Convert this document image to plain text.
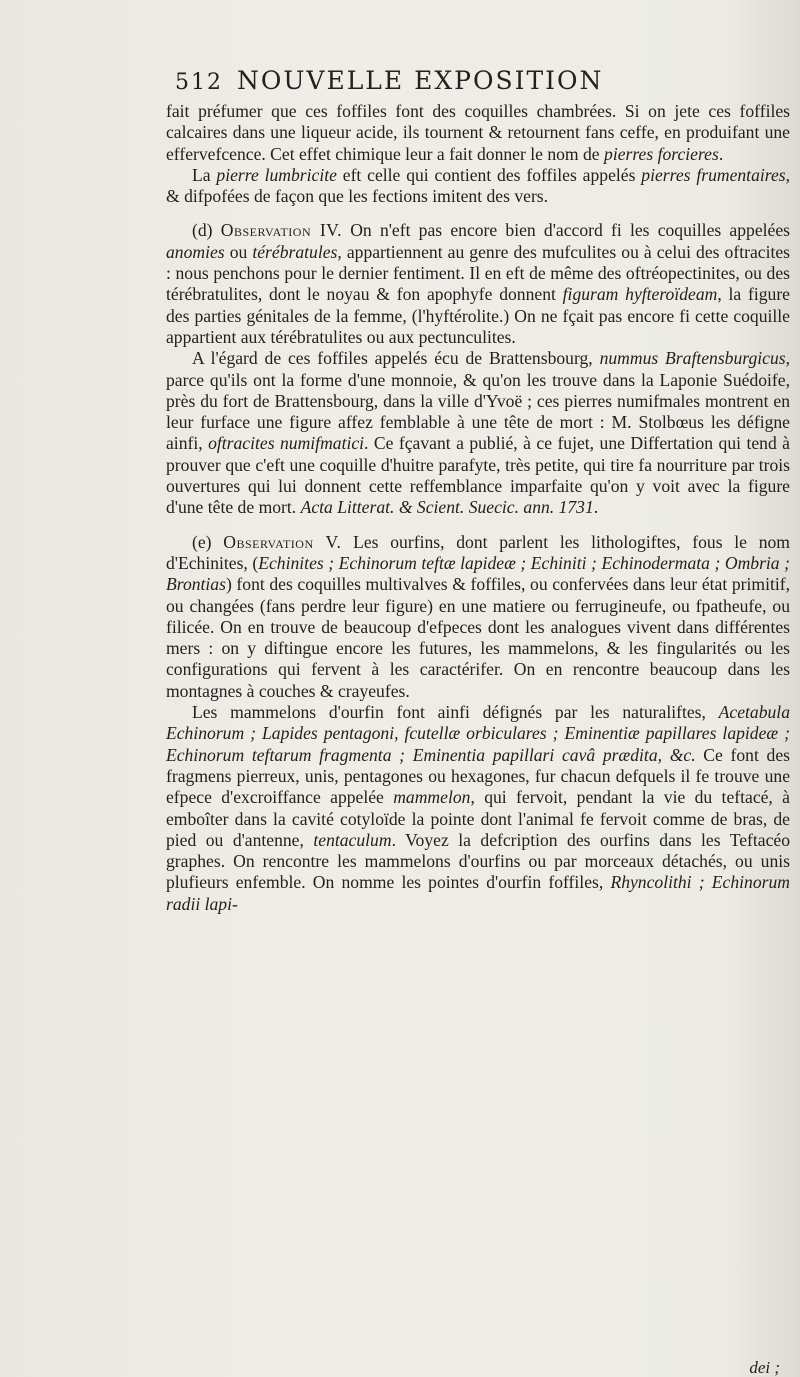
512 NOUVELLE EXPOSITION

fait préfumer que ces foffiles font des coquilles chambrées. Si on jete ces foffiles calcaires dans une liqueur acide, ils tournent & retournent fans ceffe, en produifant une effervefcence. Cet effet chimique leur a fait donner le nom de pierres forcieres.

La pierre lumbricite eft celle qui contient des foffiles appelés pierres frumentaires, & difpofées de façon que les fections imitent des vers.

(d) Observation IV. On n'eft pas encore bien d'accord fi les coquilles appelées anomies ou térébratules, appartiennent au genre des mufculites ou à celui des oftracites : nous penchons pour le dernier fentiment. Il en eft de même des oftréopectinites, ou des térébratulites, dont le noyau & fon apophyfe donnent figuram hyfteroïdeam, la figure des parties génitales de la femme, (l'hyftérolite.) On ne fçait pas encore fi cette coquille appartient aux térébratulites ou aux pectunculites.

A l'égard de ces foffiles appelés écu de Brattensbourg, nummus Braftensburgicus, parce qu'ils ont la forme d'une monnoie, & qu'on les trouve dans la Laponie Suédoife, près du fort de Brattensbourg, dans la ville d'Yvoë ; ces pierres numifmales montrent en leur furface une figure affez femblable à une tête de mort : M. Stolbœus les défigne ainfi, oftracites numifmatici. Ce fçavant a publié, à ce fujet, une Differtation qui tend à prouver que c'eft une coquille d'huitre parafyte, très petite, qui tire fa nourriture par trois ouvertures qui lui donnent cette reffemblance imparfaite qu'on y voit avec la figure d'une tête de mort. Acta Litterat. & Scient. Suecic. ann. 1731.

(e) Observation V. Les ourfins, dont parlent les lithologiftes, fous le nom d'Echinites, (Echinites ; Echinorum teftæ lapideæ ; Echiniti ; Echinodermata ; Ombria ; Brontias) font des coquilles multivalves & foffiles, ou confervées dans leur état primitif, ou changées (fans perdre leur figure) en une matiere ou ferrugineufe, ou fpatheufe, ou filicée. On en trouve de beaucoup d'efpeces dont les analogues vivent dans différentes mers : on y diftingue encore les futures, les mammelons, & les fingularités ou les configurations qui fervent à les caractérifer. On en rencontre beaucoup dans les montagnes à couches & crayeufes.

Les mammelons d'ourfin font ainfi défignés par les naturaliftes, Acetabula Echinorum ; Lapides pentagoni, fcutellæ orbiculares ; Eminentiæ papillares lapideæ ; Echinorum teftarum fragmenta ; Eminentia papillari cavâ prædita, &c. Ce font des fragmens pierreux, unis, pentagones ou hexagones, fur chacun defquels il fe trouve une efpece d'excroiffance appelée mammelon, qui fervoit, pendant la vie du teftacé, à emboîter dans la cavité cotyloïde la pointe dont l'animal fe fervoit comme de bras, de pied ou d'antenne, tentaculum. Voyez la defcription des ourfins dans les Teftacéo graphes. On rencontre les mammelons d'ourfins ou par morceaux détachés, ou unis plufieurs enfemble. On nomme les pointes d'ourfin foffiles, Rhyncolithi ; Echinorum radii lapi-

dei ;
